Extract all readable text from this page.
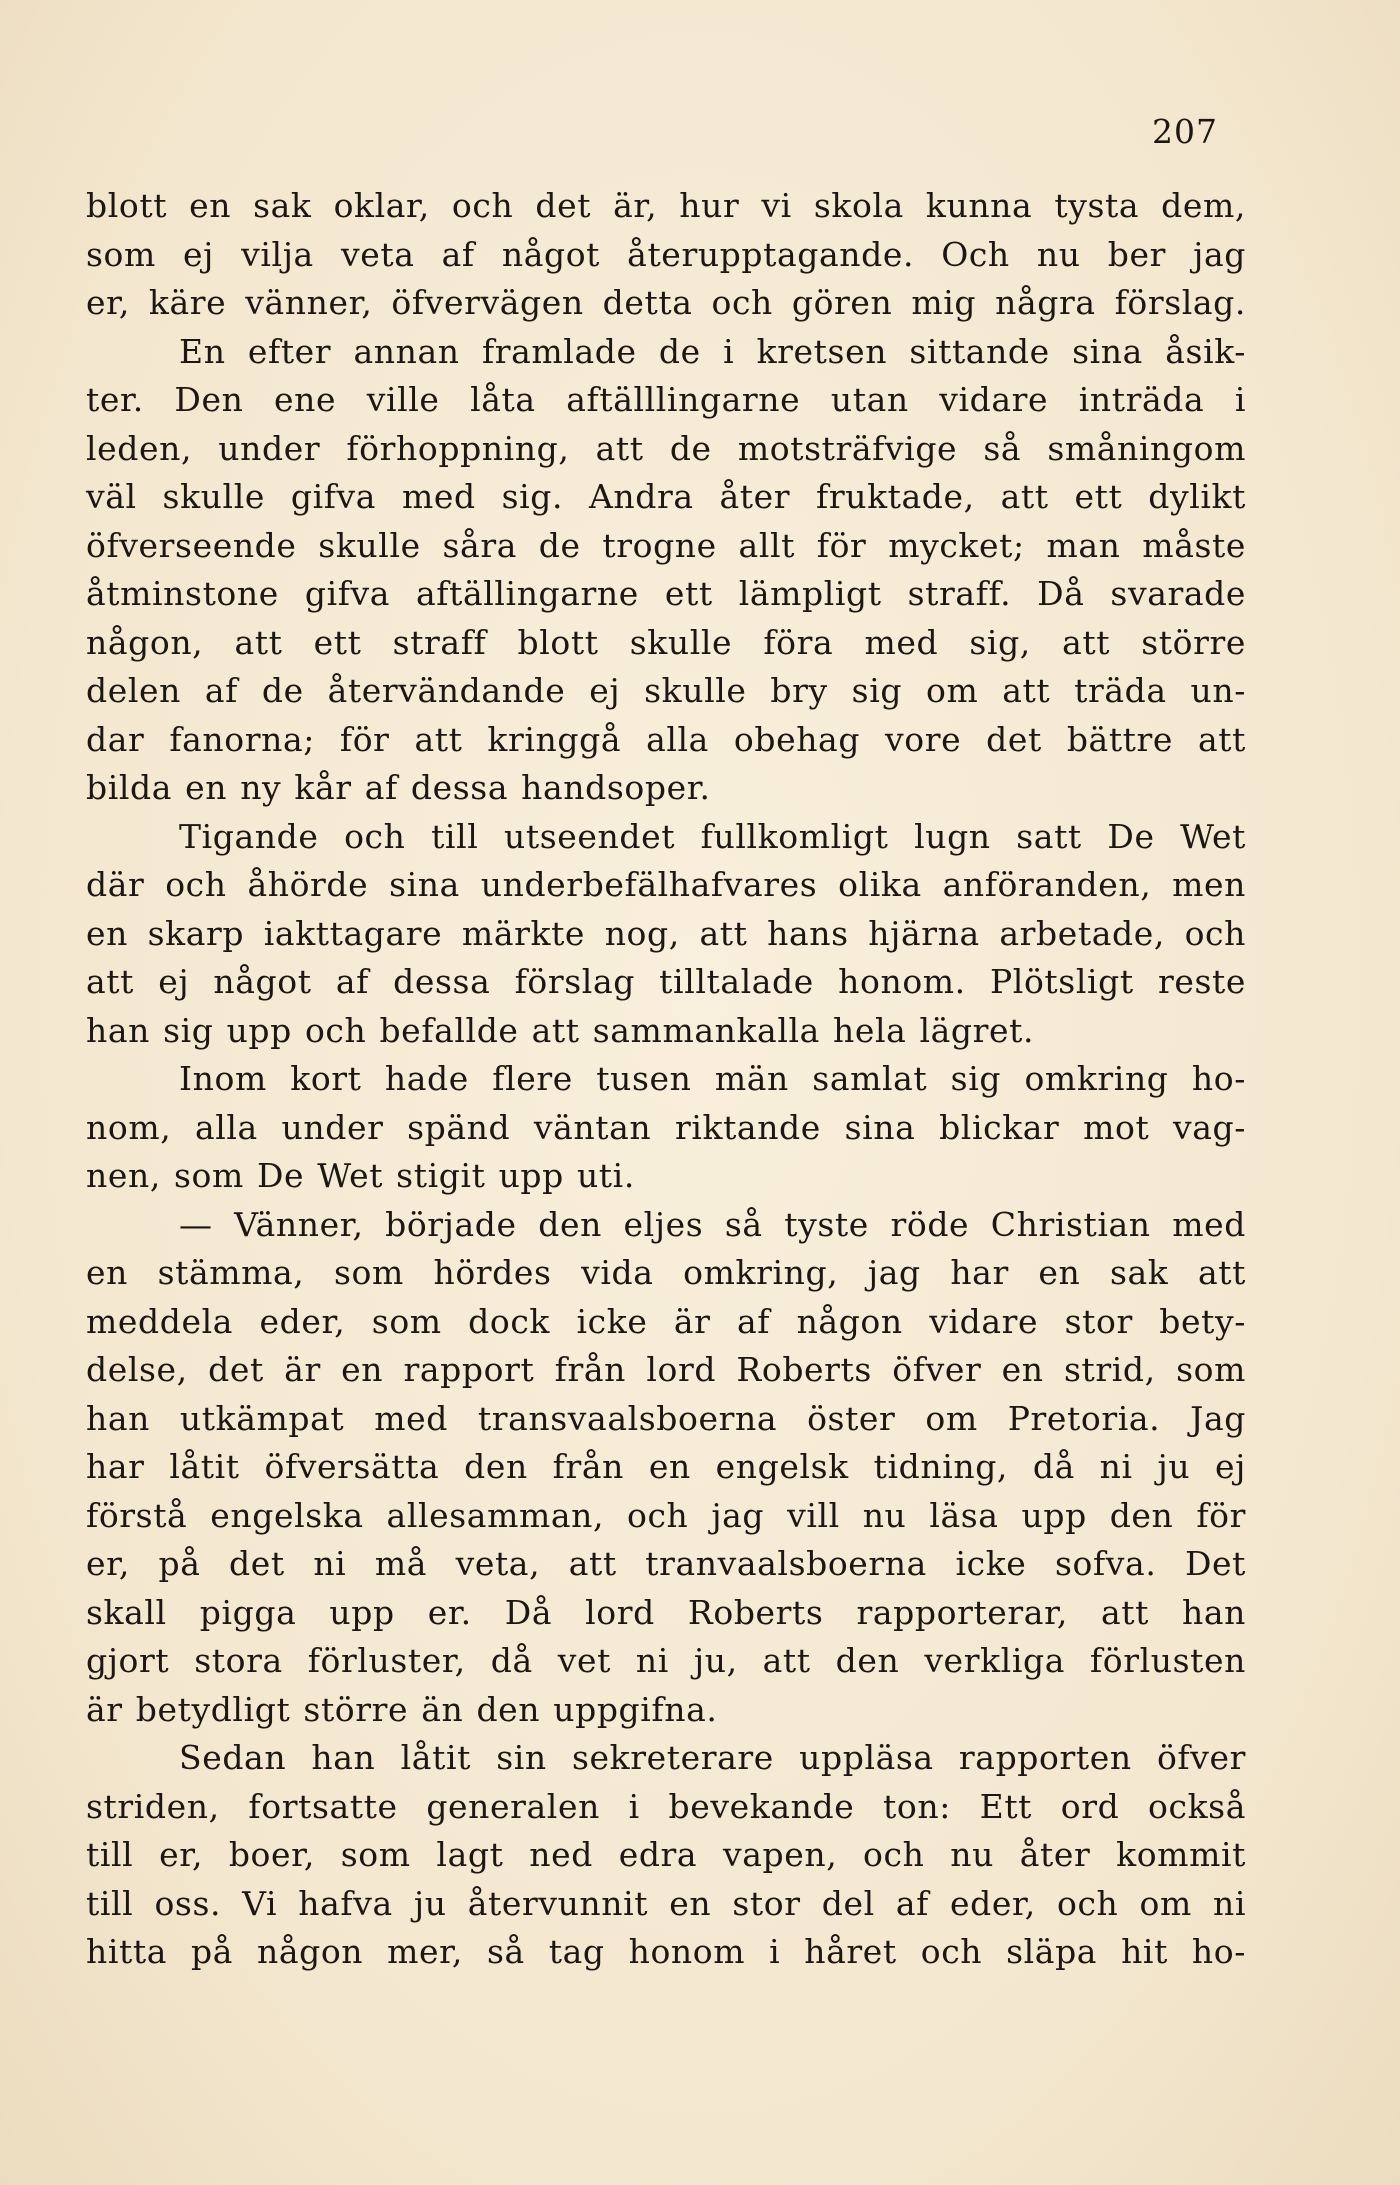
207
blott en sak oklar, och det är, hur vi skola kunna tysta dem,
som ej vilja veta af något återupptagande. Och nu ber jag
er, käre vänner, öfvervägen detta och gören mig några förslag.
En efter annan framlade de i kretsen sittande sina åsik-
ter. Den ene ville låta aftälllingarne utan vidare inträda i
leden, under förhoppning, att de motsträfvige så småningom
väl skulle gifva med sig. Andra åter fruktade, att ett dylikt
öfverseende skulle såra de trogne allt för mycket; man måste
åtminstone gifva aftällingarne ett lämpligt straff. Då svarade
någon, att ett straff blott skulle föra med sig, att större
delen af de återvändande ej skulle bry sig om att träda un-
dar fanorna; för att kringgå alla obehag vore det bättre att
bilda en ny kår af dessa handsoper.
Tigande och till utseendet fullkomligt lugn satt De Wet
där och åhörde sina underbefälhafvares olika anföranden, men
en skarp iakttagare märkte nog, att hans hjärna arbetade, och
att ej något af dessa förslag tilltalade honom. Plötsligt reste
han sig upp och befallde att sammankalla hela lägret.
Inom kort hade flere tusen män samlat sig omkring ho-
nom, alla under spänd väntan riktande sina blickar mot vag-
nen, som De Wet stigit upp uti.
— Vänner, började den eljes så tyste röde Christian med
en stämma, som hördes vida omkring, jag har en sak att
meddela eder, som dock icke är af någon vidare stor bety-
delse, det är en rapport från lord Roberts öfver en strid, som
han utkämpat med transvaalsboerna öster om Pretoria. Jag
har låtit öfversätta den från en engelsk tidning, då ni ju ej
förstå engelska allesamman, och jag vill nu läsa upp den för
er, på det ni må veta, att tranvaalsboerna icke sofva. Det
skall pigga upp er. Då lord Roberts rapporterar, att han
gjort stora förluster, då vet ni ju, att den verkliga förlusten
är betydligt större än den uppgifna.
Sedan han låtit sin sekreterare uppläsa rapporten öfver
striden, fortsatte generalen i bevekande ton: Ett ord också
till er, boer, som lagt ned edra vapen, och nu åter kommit
till oss. Vi hafva ju återvunnit en stor del af eder, och om ni
hitta på någon mer, så tag honom i håret och släpa hit ho-
